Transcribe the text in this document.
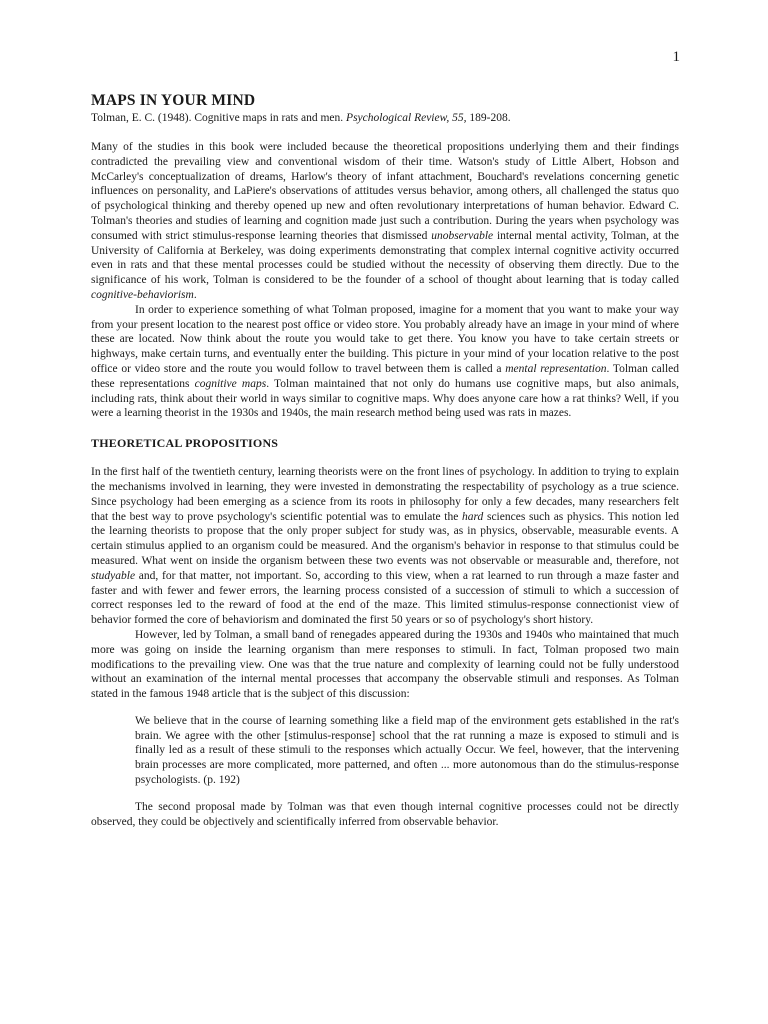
1
MAPS IN YOUR MIND
Tolman, E. C. (1948). Cognitive maps in rats and men. Psychological Review, 55, 189-208.

Many of the studies in this book were included because the theoretical propositions underlying them and their findings contradicted the prevailing view and conventional wisdom of their time. Watson's study of Little Albert, Hobson and McCarley's conceptualization of dreams, Harlow's theory of infant attachment, Bouchard's revelations concerning genetic influences on personality, and LaPiere's observations of attitudes versus behavior, among others, all challenged the status quo of psychological thinking and thereby opened up new and often revolutionary interpretations of human behavior. Edward C. Tolman's theories and studies of learning and cognition made just such a contribution. During the years when psychology was consumed with strict stimulus-response learning theories that dismissed unobservable internal mental activity, Tolman, at the University of California at Berkeley, was doing experiments demonstrating that complex internal cognitive activity occurred even in rats and that these mental processes could be studied without the necessity of observing them directly. Due to the significance of his work, Tolman is considered to be the founder of a school of thought about learning that is today called cognitive-behaviorism.

In order to experience something of what Tolman proposed, imagine for a moment that you want to make your way from your present location to the nearest post office or video store. You probably already have an image in your mind of where these are located. Now think about the route you would take to get there. You know you have to take certain streets or highways, make certain turns, and eventually enter the building. This picture in your mind of your location relative to the post office or video store and the route you would follow to travel between them is called a mental representation. Tolman called these representations cognitive maps. Tolman maintained that not only do humans use cognitive maps, but also animals, including rats, think about their world in ways similar to cognitive maps. Why does anyone care how a rat thinks? Well, if you were a learning theorist in the 1930s and 1940s, the main research method being used was rats in mazes.

THEORETICAL PROPOSITIONS

In the first half of the twentieth century, learning theorists were on the front lines of psychology. In addition to trying to explain the mechanisms involved in learning, they were invested in demonstrating the respectability of psychology as a true science. Since psychology had been emerging as a science from its roots in philosophy for only a few decades, many researchers felt that the best way to prove psychology's scientific potential was to emulate the hard sciences such as physics. This notion led the learning theorists to propose that the only proper subject for study was, as in physics, observable, measurable events. A certain stimulus applied to an organism could be measured. And the organism's behavior in response to that stimulus could be measured. What went on inside the organism between these two events was not observable or measurable and, therefore, not studyable and, for that matter, not important. So, according to this view, when a rat learned to run through a maze faster and faster and with fewer and fewer errors, the learning process consisted of a succession of stimuli to which a succession of correct responses led to the reward of food at the end of the maze. This limited stimulus-response connectionist view of behavior formed the core of behaviorism and dominated the first 50 years or so of psychology's short history.

However, led by Tolman, a small band of renegades appeared during the 1930s and 1940s who maintained that much more was going on inside the learning organism than mere responses to stimuli. In fact, Tolman proposed two main modifications to the prevailing view. One was that the true nature and complexity of learning could not be fully understood without an examination of the internal mental processes that accompany the observable stimuli and responses. As Tolman stated in the famous 1948 article that is the subject of this discussion:

We believe that in the course of learning something like a field map of the environment gets established in the rat's brain. We agree with the other [stimulus-response] school that the rat running a maze is exposed to stimuli and is finally led as a result of these stimuli to the responses which actually Occur. We feel, however, that the intervening brain processes are more complicated, more patterned, and often ... more autonomous than do the stimulus-response psychologists. (p. 192)

The second proposal made by Tolman was that even though internal cognitive processes could not be directly observed, they could be objectively and scientifically inferred from observable behavior.
